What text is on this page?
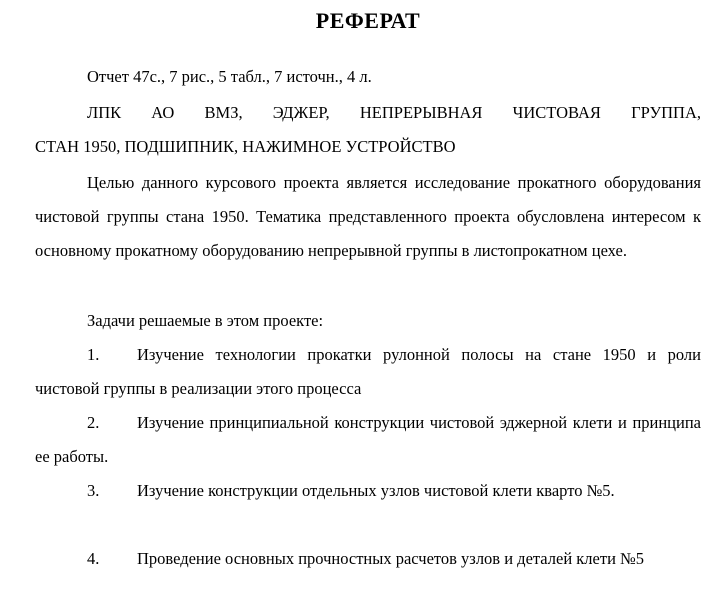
РЕФЕРАТ
Отчет 47с., 7 рис., 5 табл., 7 источн., 4 л.
ЛПК АО ВМЗ, ЭДЖЕР, НЕПРЕРЫВНАЯ ЧИСТОВАЯ ГРУППА,
СТАН 1950, ПОДШИПНИК, НАЖИМНОЕ УСТРОЙСТВО
Целью данного курсового проекта является исследование прокатного оборудования чистовой группы стана 1950. Тематика представленного проекта обусловлена интересом к основному прокатному оборудованию непрерывной группы в листопрокатном цехе.
Задачи решаемые в этом проекте:
1. Изучение технологии прокатки рулонной полосы на стане 1950 и роли чистовой группы в реализации этого процесса
2. Изучение принципиальной конструкции чистовой эджерной клети и принципа ее работы.
3. Изучение конструкции отдельных узлов чистовой клети кварто №5.
4. Проведение основных прочностных расчетов узлов и деталей клети №5
